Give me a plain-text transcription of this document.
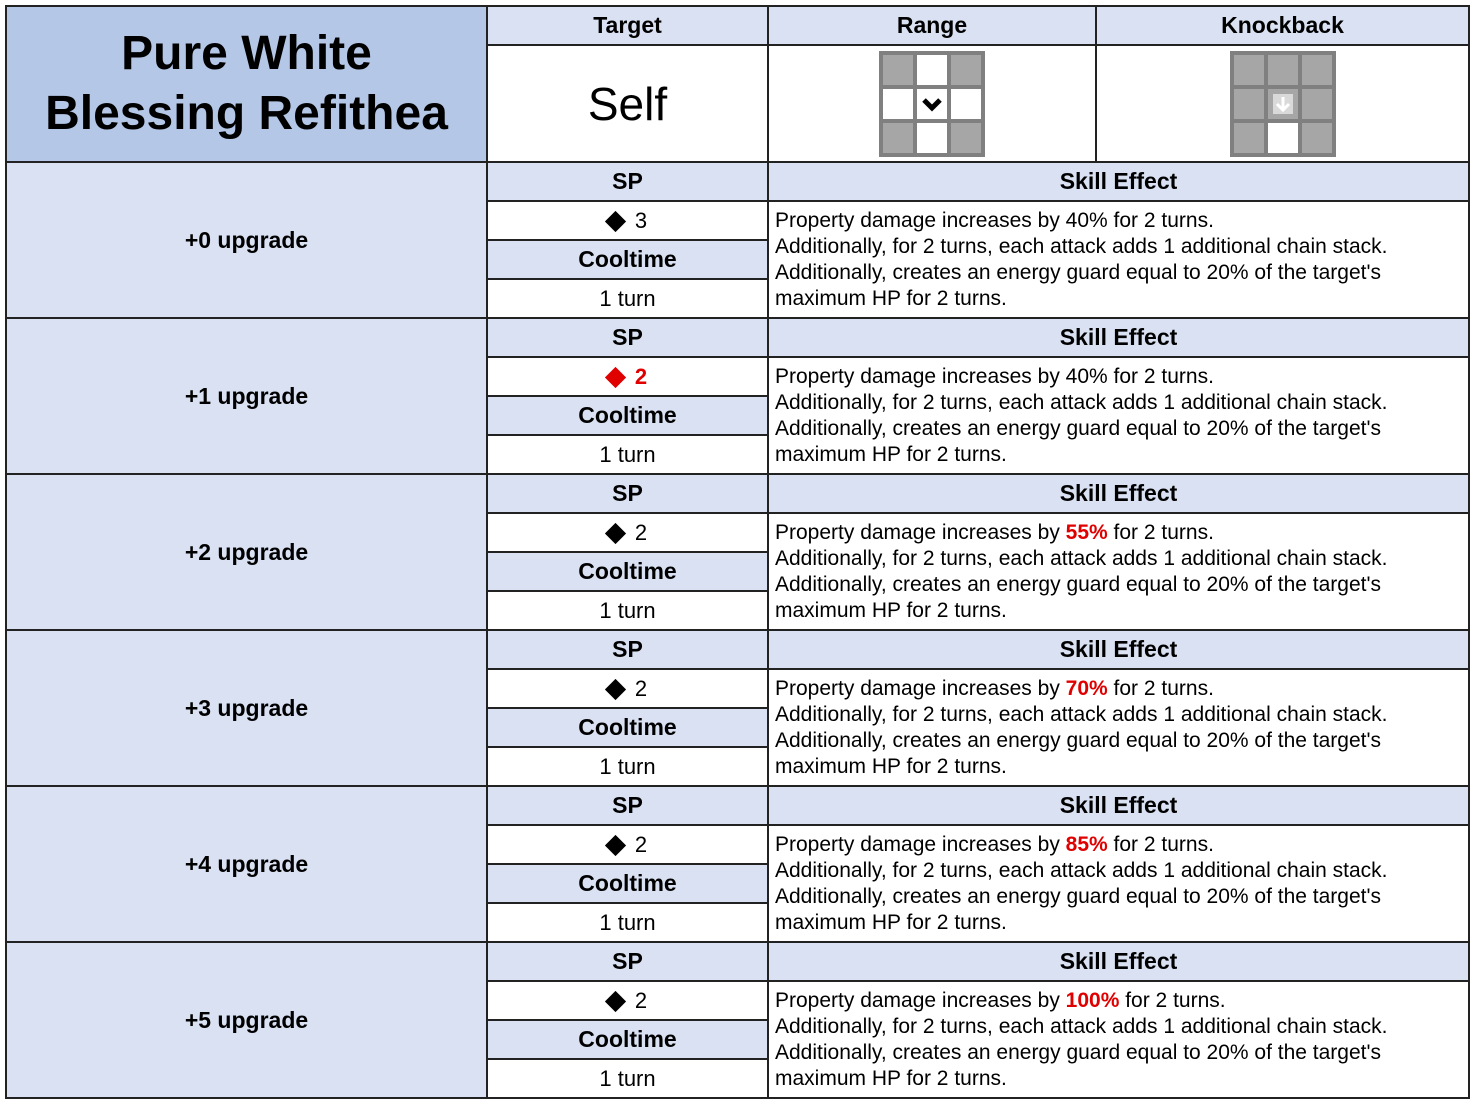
Pure White
Blessing Refithea	Target	Range	Knockback
	Self	

+0 upgrade	SP	Skill Effect	
	3	Property damage increases by 40% for 2 turns.
Additionally, for 2 turns, each attack adds 1 additional chain stack.
Additionally, creates an energy guard equal to 20% of the target's
maximum HP for 2 turns.	

	Cooltime		
	1 turn		
+1 upgrade	SP	Skill Effect	
	2	Property damage increases by 40% for 2 turns.
Additionally, for 2 turns, each attack adds 1 additional chain stack.
Additionally, creates an energy guard equal to 20% of the target's
maximum HP for 2 turns.	

	Cooltime		
	1 turn		
+2 upgrade	SP	Skill Effect	
	2	Property damage increases by 55% for 2 turns.
Additionally, for 2 turns, each attack adds 1 additional chain stack.
Additionally, creates an energy guard equal to 20% of the target's
maximum HP for 2 turns.	

	Cooltime		
	1 turn		
+3 upgrade	SP	Skill Effect	
	2	Property damage increases by 70% for 2 turns.
Additionally, for 2 turns, each attack adds 1 additional chain stack.
Additionally, creates an energy guard equal to 20% of the target's
maximum HP for 2 turns.	

	Cooltime		
	1 turn		
+4 upgrade	SP	Skill Effect	
	2	Property damage increases by 85% for 2 turns.
Additionally, for 2 turns, each attack adds 1 additional chain stack.
Additionally, creates an energy guard equal to 20% of the target's
maximum HP for 2 turns.	

	Cooltime		
	1 turn		
+5 upgrade	SP	Skill Effect	
	2	Property damage increases by 100% for 2 turns.
Additionally, for 2 turns, each attack adds 1 additional chain stack.
Additionally, creates an energy guard equal to 20% of the target's
maximum HP for 2 turns.	

	Cooltime		
	1 turn		
